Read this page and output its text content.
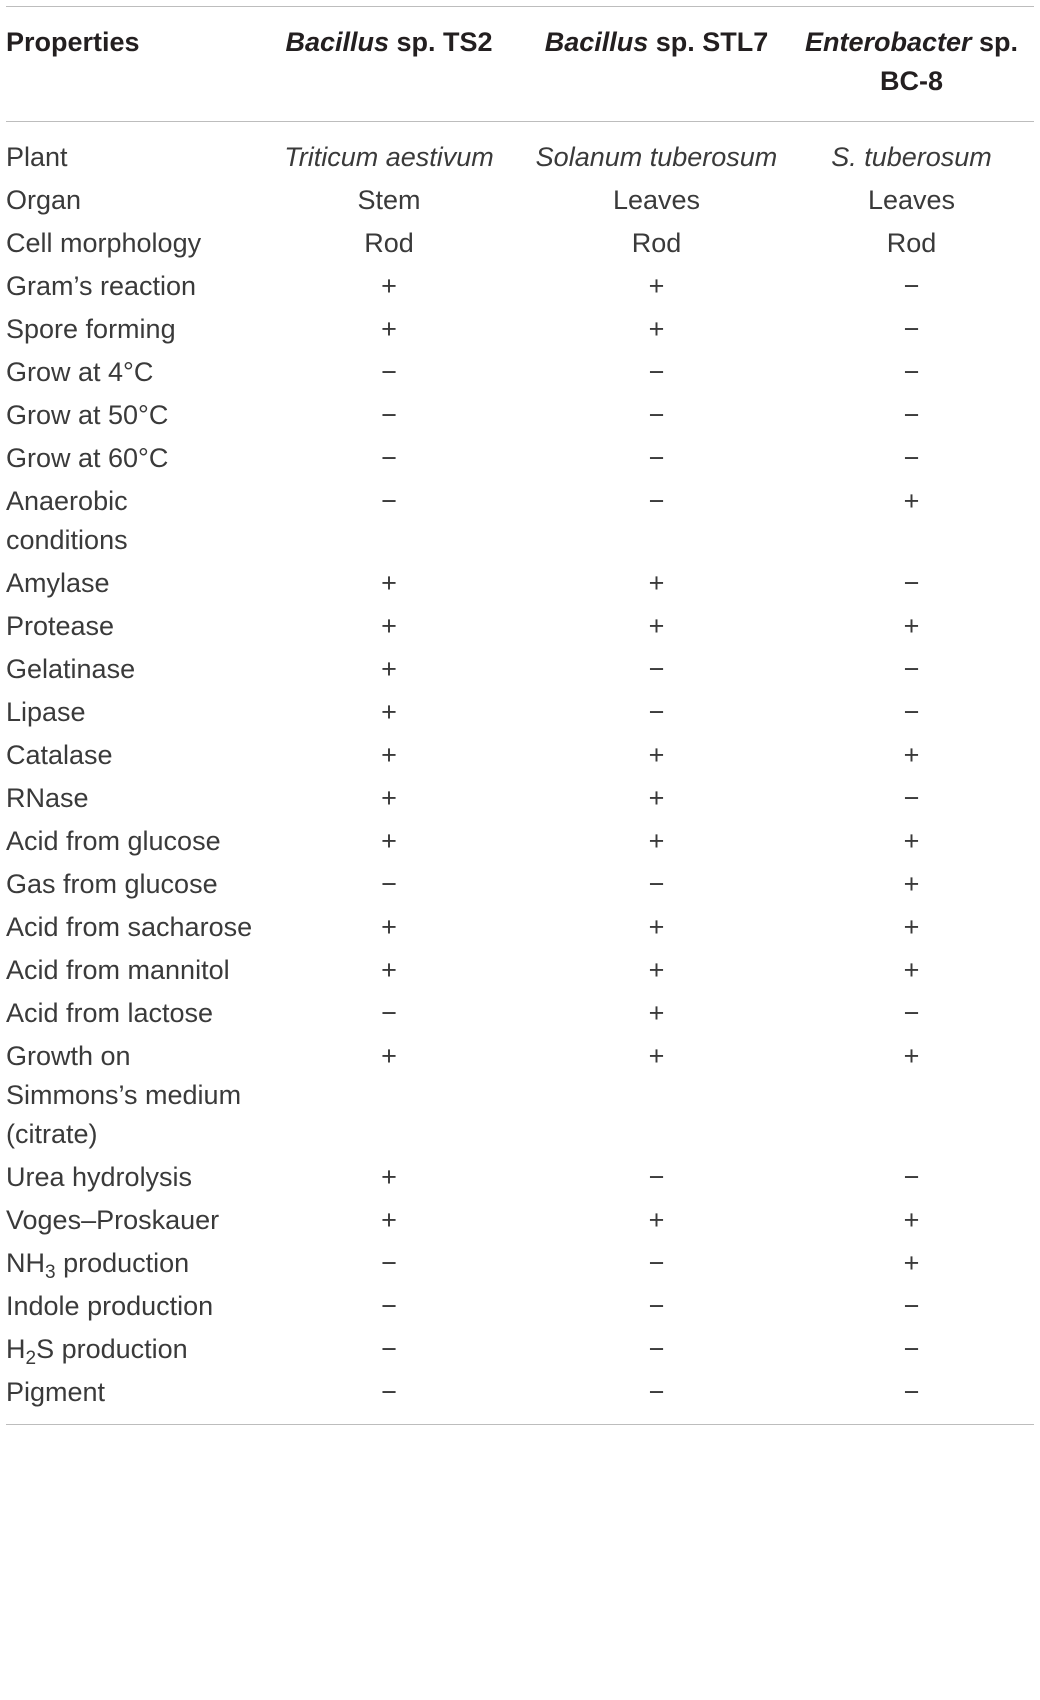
Properties	Bacillus sp. TS2	Bacillus sp. STL7	Enterobacter sp. BC-8
Plant	Triticum aestivum	Solanum tuberosum	S. tuberosum
Organ	Stem	Leaves	Leaves
Cell morphology	Rod	Rod	Rod
Gram’s reaction	+	+	−
Spore forming	+	+	−
Grow at 4°C	−	−	−
Grow at 50°C	−	−	−
Grow at 60°C	−	−	−
Anaerobic conditions	−	−	+
Amylase	+	+	−
Protease	+	+	+
Gelatinase	+	−	−
Lipase	+	−	−
Catalase	+	+	+
RNase	+	+	−
Acid from glucose	+	+	+
Gas from glucose	−	−	+
Acid from sacharose	+	+	+
Acid from mannitol	+	+	+
Acid from lactose	−	+	−
Growth on Simmons’s medium (citrate)	+	+	+
Urea hydrolysis	+	−	−
Voges–Proskauer	+	+	+
$NH_3$ production	−	−	+
Indole production	−	−	−
$H_2S$ production	−	−	−
Pigment	−	−	−
